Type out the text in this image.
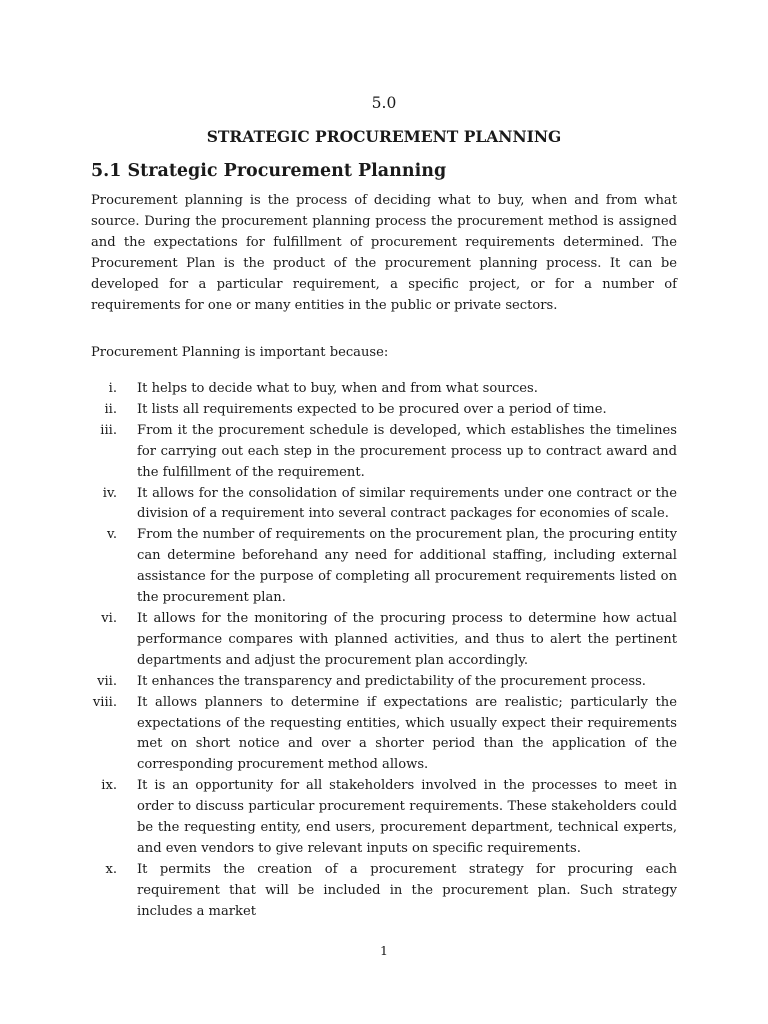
5.0
STRATEGIC PROCUREMENT PLANNING
5.1 Strategic Procurement Planning

Procurement planning is the process of deciding what to buy, when and from what source. During the procurement planning process the procurement method is assigned and the expectations for fulfillment of procurement requirements determined. The Procurement Plan is the product of the procurement planning process. It can be developed for a particular requirement, a specific project, or for a number of requirements for one or many entities in the public or private sectors.

Procurement Planning is important because:

i.	It helps to decide what to buy, when and from what sources.
ii.	It lists all requirements expected to be procured over a period of time.
iii.	From it the procurement schedule is developed, which establishes the timelines for carrying out each step in the procurement process up to contract award and the fulfillment of the requirement.
iv.	It allows for the consolidation of similar requirements under one contract or the division of a requirement into several contract packages for economies of scale.
v.	From the number of requirements on the procurement plan, the procuring entity can determine beforehand any need for additional staffing, including external assistance for the purpose of completing all procurement requirements listed on the procurement plan.
vi.	It allows for the monitoring of the procuring process to determine how actual performance compares with planned activities, and thus to alert the pertinent departments and adjust the procurement plan accordingly.
vii.	It enhances the transparency and predictability of the procurement process.
viii.	It allows planners to determine if expectations are realistic; particularly the expectations of the requesting entities, which usually expect their requirements met on short notice and over a shorter period than the application of the corresponding procurement method allows.
ix.	It is an opportunity for all stakeholders involved in the processes to meet in order to discuss particular procurement requirements. These stakeholders could be the requesting entity, end users, procurement department, technical experts, and even vendors to give relevant inputs on specific requirements.
x.	It permits the creation of a procurement strategy for procuring each requirement that will be included in the procurement plan. Such strategy includes a market
1
